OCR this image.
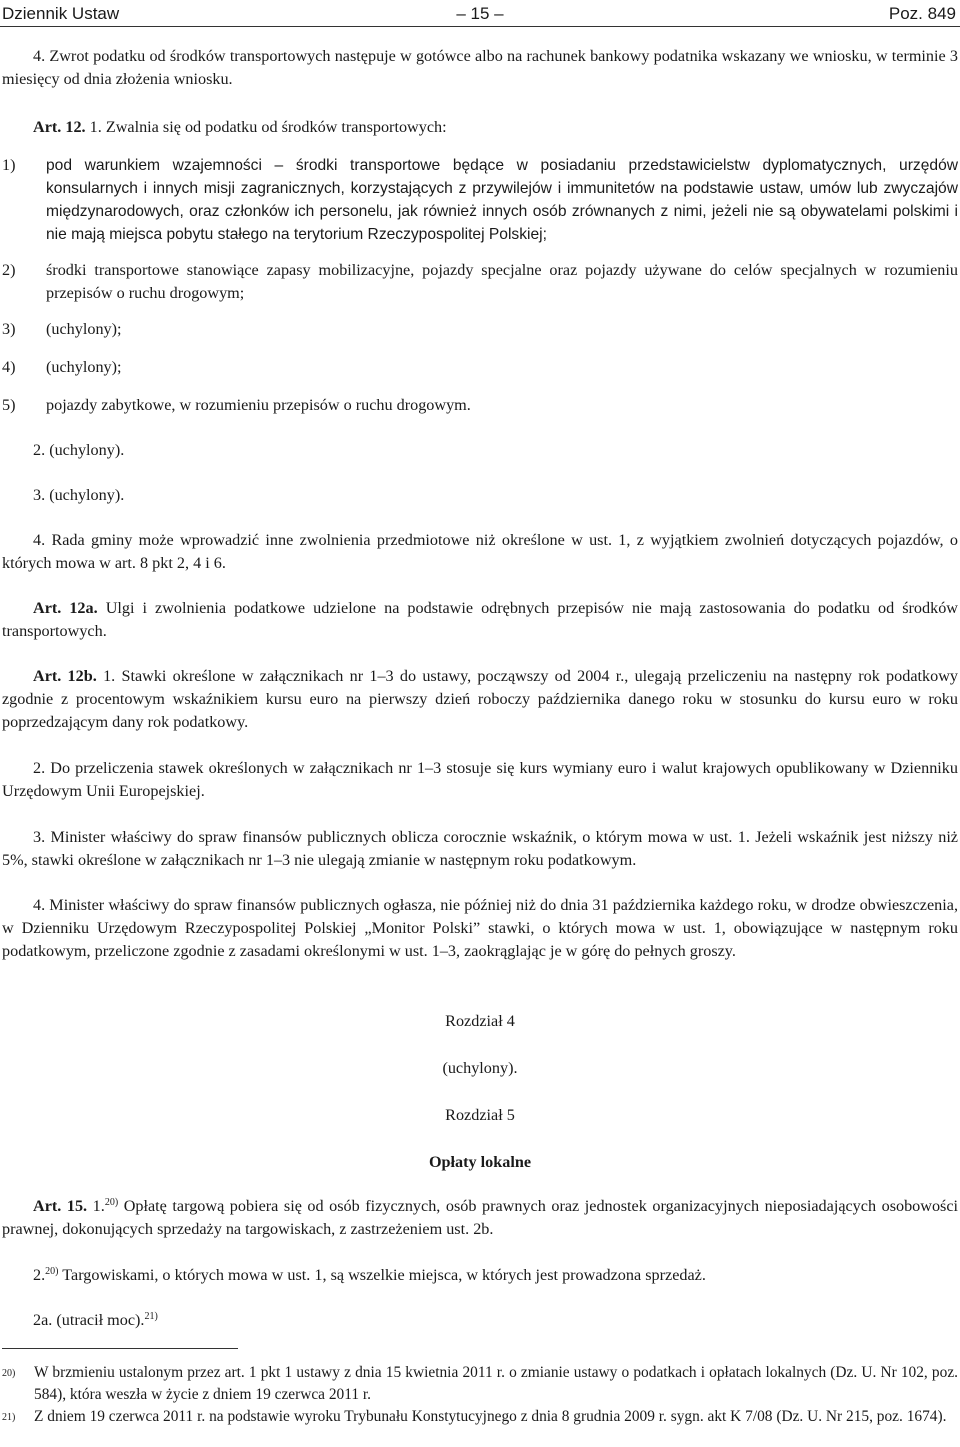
Dziennik Ustaw	– 15 –	Poz. 849

4. Zwrot podatku od środków transportowych następuje w gotówce albo na rachunek bankowy podatnika wskazany we wniosku, w terminie 3 miesięcy od dnia złożenia wniosku.

Art. 12. 1. Zwalnia się od podatku od środków transportowych:

1) pod warunkiem wzajemności – środki transportowe będące w posiadaniu przedstawicielstw dyplomatycznych, urzędów konsularnych i innych misji zagranicznych, korzystających z przywilejów i immunitetów na podstawie ustaw, umów lub zwyczajów międzynarodowych, oraz członków ich personelu, jak również innych osób zrównanych z nimi, jeżeli nie są obywatelami polskimi i nie mają miejsca pobytu stałego na terytorium Rzeczypospolitej Polskiej;

2) środki transportowe stanowiące zapasy mobilizacyjne, pojazdy specjalne oraz pojazdy używane do celów specjalnych w rozumieniu przepisów o ruchu drogowym;

3) (uchylony);

4) (uchylony);

5) pojazdy zabytkowe, w rozumieniu przepisów o ruchu drogowym.

2. (uchylony).

3. (uchylony).

4. Rada gminy może wprowadzić inne zwolnienia przedmiotowe niż określone w ust. 1, z wyjątkiem zwolnień dotyczących pojazdów, o których mowa w art. 8 pkt 2, 4 i 6.

Art. 12a. Ulgi i zwolnienia podatkowe udzielone na podstawie odrębnych przepisów nie mają zastosowania do podatku od środków transportowych.

Art. 12b. 1. Stawki określone w załącznikach nr 1–3 do ustawy, począwszy od 2004 r., ulegają przeliczeniu na następny rok podatkowy zgodnie z procentowym wskaźnikiem kursu euro na pierwszy dzień roboczy października danego roku w stosunku do kursu euro w roku poprzedzającym dany rok podatkowy.

2. Do przeliczenia stawek określonych w załącznikach nr 1–3 stosuje się kurs wymiany euro i walut krajowych opublikowany w Dzienniku Urzędowym Unii Europejskiej.

3. Minister właściwy do spraw finansów publicznych oblicza corocznie wskaźnik, o którym mowa w ust. 1. Jeżeli wskaźnik jest niższy niż 5%, stawki określone w załącznikach nr 1–3 nie ulegają zmianie w następnym roku podatkowym.

4. Minister właściwy do spraw finansów publicznych ogłasza, nie później niż do dnia 31 października każdego roku, w drodze obwieszczenia, w Dzienniku Urzędowym Rzeczypospolitej Polskiej „Monitor Polski” stawki, o których mowa w ust. 1, obowiązujące w następnym roku podatkowym, przeliczone zgodnie z zasadami określonymi w ust. 1–3, zaokrąglając je w górę do pełnych groszy.

Rozdział 4

(uchylony).

Rozdział 5

Opłaty lokalne

Art. 15. 1.$^{20)}$ Opłatę targową pobiera się od osób fizycznych, osób prawnych oraz jednostek organizacyjnych nieposiadających osobowości prawnej, dokonujących sprzedaży na targowiskach, z zastrzeżeniem ust. 2b.

2.$^{20)}$ Targowiskami, o których mowa w ust. 1, są wszelkie miejsca, w których jest prowadzona sprzedaż.

2a. (utracił moc).$^{21)}$

20) W brzmieniu ustalonym przez art. 1 pkt 1 ustawy z dnia 15 kwietnia 2011 r. o zmianie ustawy o podatkach i opłatach lokalnych (Dz. U. Nr 102, poz. 584), która weszła w życie z dniem 19 czerwca 2011 r.

21) Z dniem 19 czerwca 2011 r. na podstawie wyroku Trybunału Konstytucyjnego z dnia 8 grudnia 2009 r. sygn. akt K 7/08 (Dz. U. Nr 215, poz. 1674).
